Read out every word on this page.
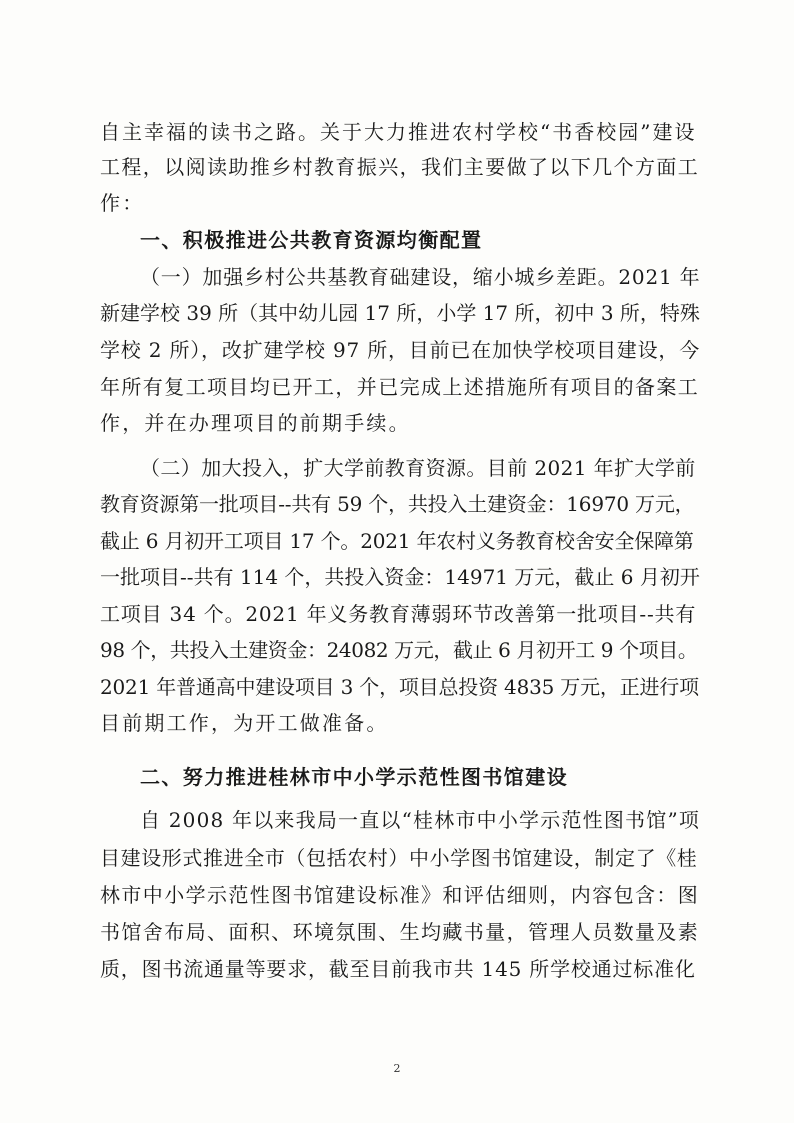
自主幸福的读书之路。关于大力推进农村学校“书香校园”建设
工程，以阅读助推乡村教育振兴，我们主要做了以下几个方面工
作：
一、积极推进公共教育资源均衡配置
（一）加强乡村公共基教育础建设，缩小城乡差距。2021 年
新建学校 39 所（其中幼儿园 17 所，小学 17 所，初中 3 所，特殊
学校 2 所），改扩建学校 97 所，目前已在加快学校项目建设，今
年所有复工项目均已开工，并已完成上述措施所有项目的备案工
作，并在办理项目的前期手续。
（二）加大投入，扩大学前教育资源。目前 2021 年扩大学前
教育资源第一批项目--共有 59 个，共投入土建资金：16970 万元，
截止 6 月初开工项目 17 个。2021 年农村义务教育校舍安全保障第
一批项目--共有 114 个，共投入资金：14971 万元，截止 6 月初开
工项目 34 个。2021 年义务教育薄弱环节改善第一批项目--共有
98 个，共投入土建资金：24082 万元，截止 6 月初开工 9 个项目。
2021 年普通高中建设项目 3 个，项目总投资 4835 万元，正进行项
目前期工作，为开工做准备。
二、努力推进桂林市中小学示范性图书馆建设
自 2008 年以来我局一直以“桂林市中小学示范性图书馆”项
目建设形式推进全市（包括农村）中小学图书馆建设，制定了《桂
林市中小学示范性图书馆建设标准》和评估细则，内容包含：图
书馆舍布局、面积、环境氛围、生均藏书量，管理人员数量及素
质，图书流通量等要求，截至目前我市共 145 所学校通过标准化
2
